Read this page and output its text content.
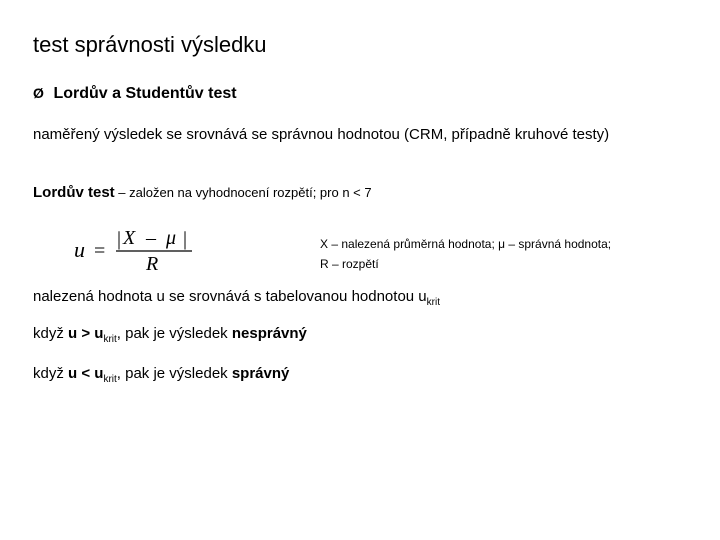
test správnosti výsledku
Ø Lordův a Studentův test
naměřený výsledek se srovnává se správnou hodnotou (CRM, případně kruhové testy)
Lordův test – založen na vyhodnocení rozpětí; pro n < 7
u =
| X – μ |
R
X – nalezená průměrná hodnota; μ – správná hodnota;
R – rozpětí
nalezená hodnota u se srovnává s tabelovanou hodnotou $u_{krit}$
když $u > u_{krit}$, pak je výsledek nesprávný
když $u < u_{krit}$, pak je výsledek správný
